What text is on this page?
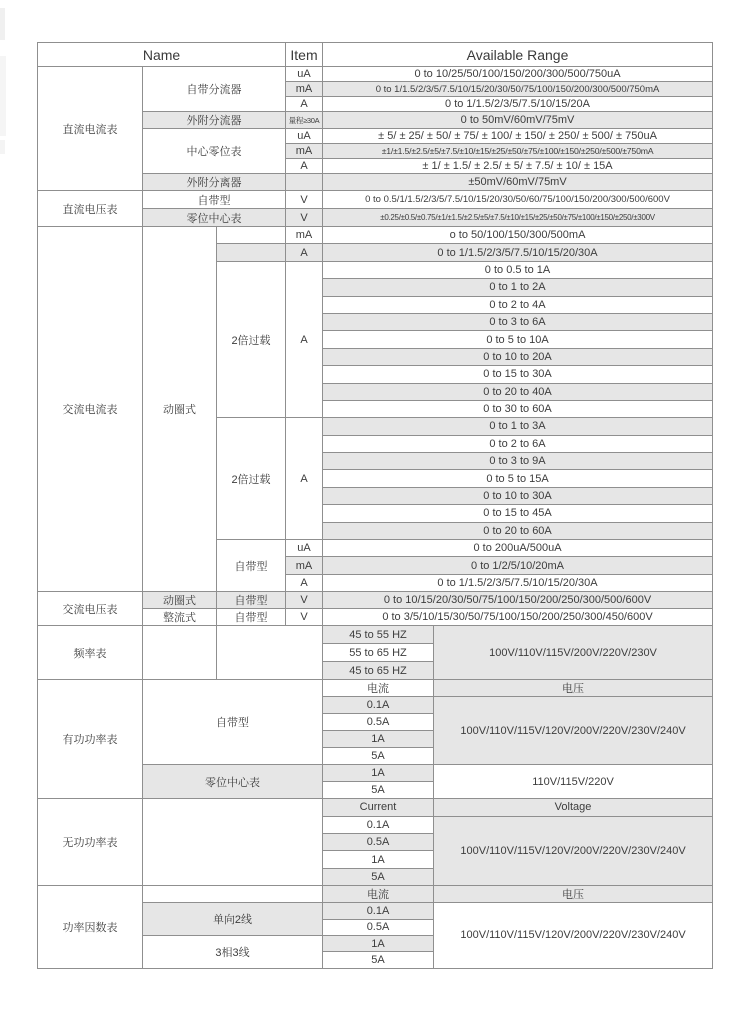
Name			Item	Available Range	
直流电流表	自带分流器		uA	0 to 10/25/50/100/150/200/300/500/750uA	
			mA	0 to 1/1.5/2/3/5/7.5/10/15/20/30/50/75/100/150/200/300/500/750mA	
			A	0 to 1/1.5/2/3/5/7.5/10/15/20A	
	外附分流器		量程≥30A	0 to 50mV/60mV/75mV	
	中心零位表		uA	± 5/ ± 25/ ± 50/ ± 75/ ± 100/ ± 150/ ± 250/ ± 500/ ± 750uA	
			mA	±1/±1.5/±2.5/±5/±7.5/±10/±15/±25/±50/±75/±100/±150/±250/±500/±750mA	
			A	± 1/ ± 1.5/ ± 2.5/ ± 5/ ± 7.5/ ± 10/ ± 15A	
	外附分离器			±50mV/60mV/75mV	
直流电压表	自带型		V	0 to 0.5/1/1.5/2/3/5/7.5/10/15/20/30/50/60/75/100/150/200/300/500/600V	
	零位中心表		V	±0.25/±0.5/±0.75/±1/±1.5/±2.5/±5/±7.5/±10/±15/±25/±50/±75/±100/±150/±250/±300V	
交流电流表	动圈式		mA	o to 50/100/150/300/500mA	
			A	0 to 1/1.5/2/3/5/7.5/10/15/20/30A	
		2倍过载	A	0 to 0.5 to 1A	
				0 to 1 to 2A	
				0 to 2 to 4A	
				0 to 3 to 6A	
				0 to 5 to 10A	
				0 to 10 to 20A	
				0 to 15 to 30A	
				0 to 20 to 40A	
				0 to 30 to 60A	
		2倍过载	A	0 to 1 to 3A	
				0 to 2 to 6A	
				0 to 3 to 9A	
				0 to 5 to 15A	
				0 to 10 to 30A	
				0 to 15 to 45A	
				0 to 20 to 60A	
		自带型	uA	0 to 200uA/500uA	
			mA	0 to 1/2/5/10/20mA	
			A	0 to 1/1.5/2/3/5/7.5/10/15/20/30A	
交流电压表	动圈式	自带型	V	0 to 10/15/20/30/50/75/100/150/200/250/300/500/600V	
	整流式	自带型	V	0 to 3/5/10/15/30/50/75/100/150/200/250/300/450/600V	
频率表				45 to 55 HZ	100V/110V/115V/200V/220V/230V
				55 to 65 HZ	
				45 to 65 HZ	
有功功率表	自带型			电流	电压
				0.1A	100V/110V/115V/120V/200V/220V/230V/240V
				0.5A	
				1A	
				5A	
	零位中心表			1A	110V/115V/220V
				5A	
无功功率表				Current	Voltage
				0.1A	100V/110V/115V/120V/200V/220V/230V/240V
				0.5A	
				1A	
				5A	
功率因数表				电流	电压
	单向2线			0.1A	100V/110V/115V/120V/200V/220V/230V/240V
				0.5A	
	3相3线			1A	
				5A	
